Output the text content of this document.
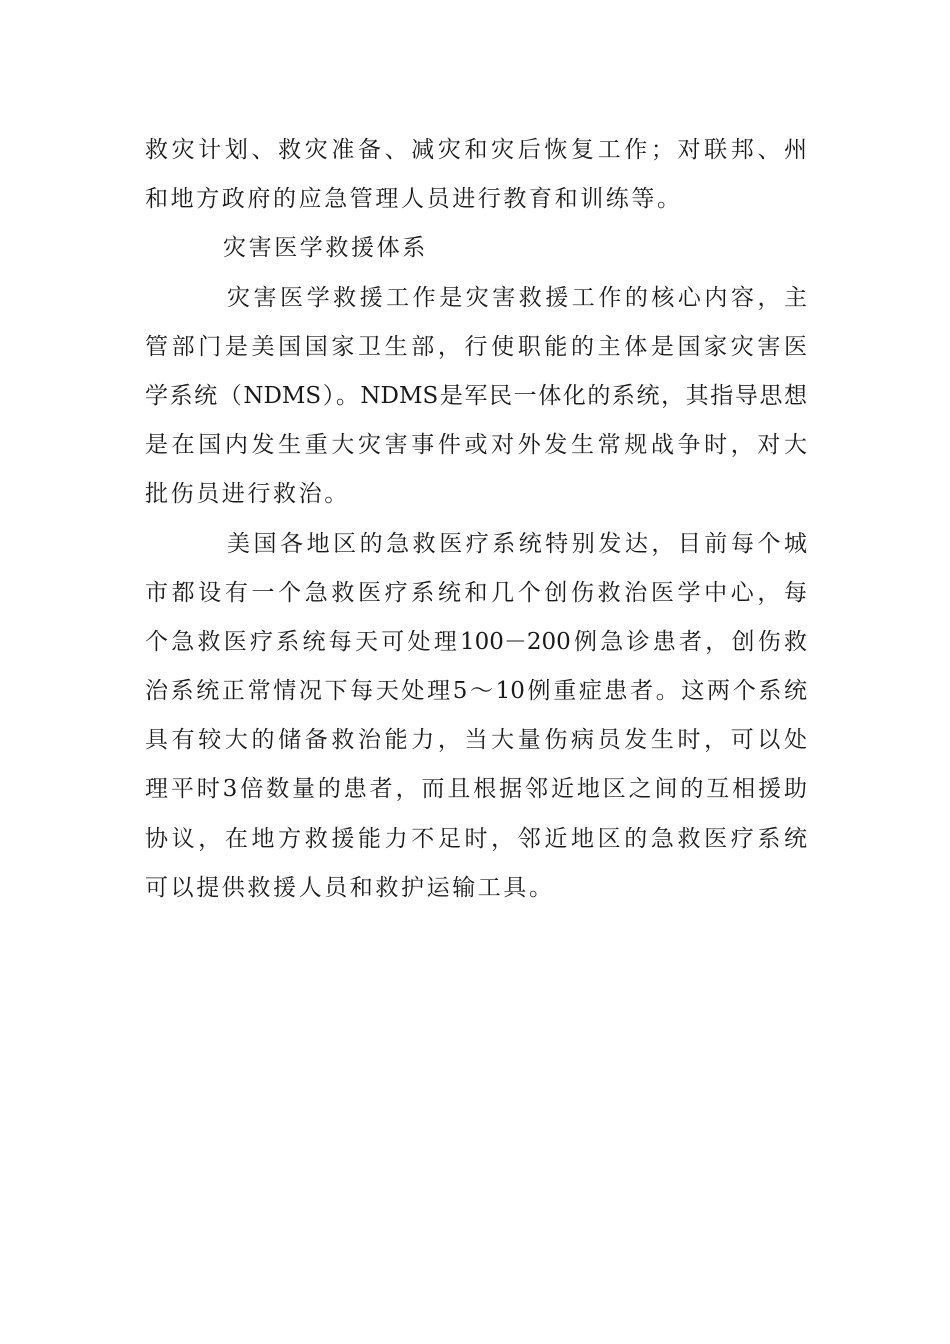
救灾计划、救灾准备、减灾和灾后恢复工作；对联邦、州
和地方政府的应急管理人员进行教育和训练等。
灾害医学救援体系
灾害医学救援工作是灾害救援工作的核心内容，主
管部门是美国国家卫生部，行使职能的主体是国家灾害医
学系统（NDMS）。NDMS是军民一体化的系统，其指导思想
是在国内发生重大灾害事件或对外发生常规战争时，对大
批伤员进行救治。
美国各地区的急救医疗系统特别发达，目前每个城
市都设有一个急救医疗系统和几个创伤救治医学中心，每
个急救医疗系统每天可处理100－200例急诊患者，创伤救
治系统正常情况下每天处理5～10例重症患者。这两个系统
具有较大的储备救治能力，当大量伤病员发生时，可以处
理平时3倍数量的患者，而且根据邻近地区之间的互相援助
协议，在地方救援能力不足时，邻近地区的急救医疗系统
可以提供救援人员和救护运输工具。
